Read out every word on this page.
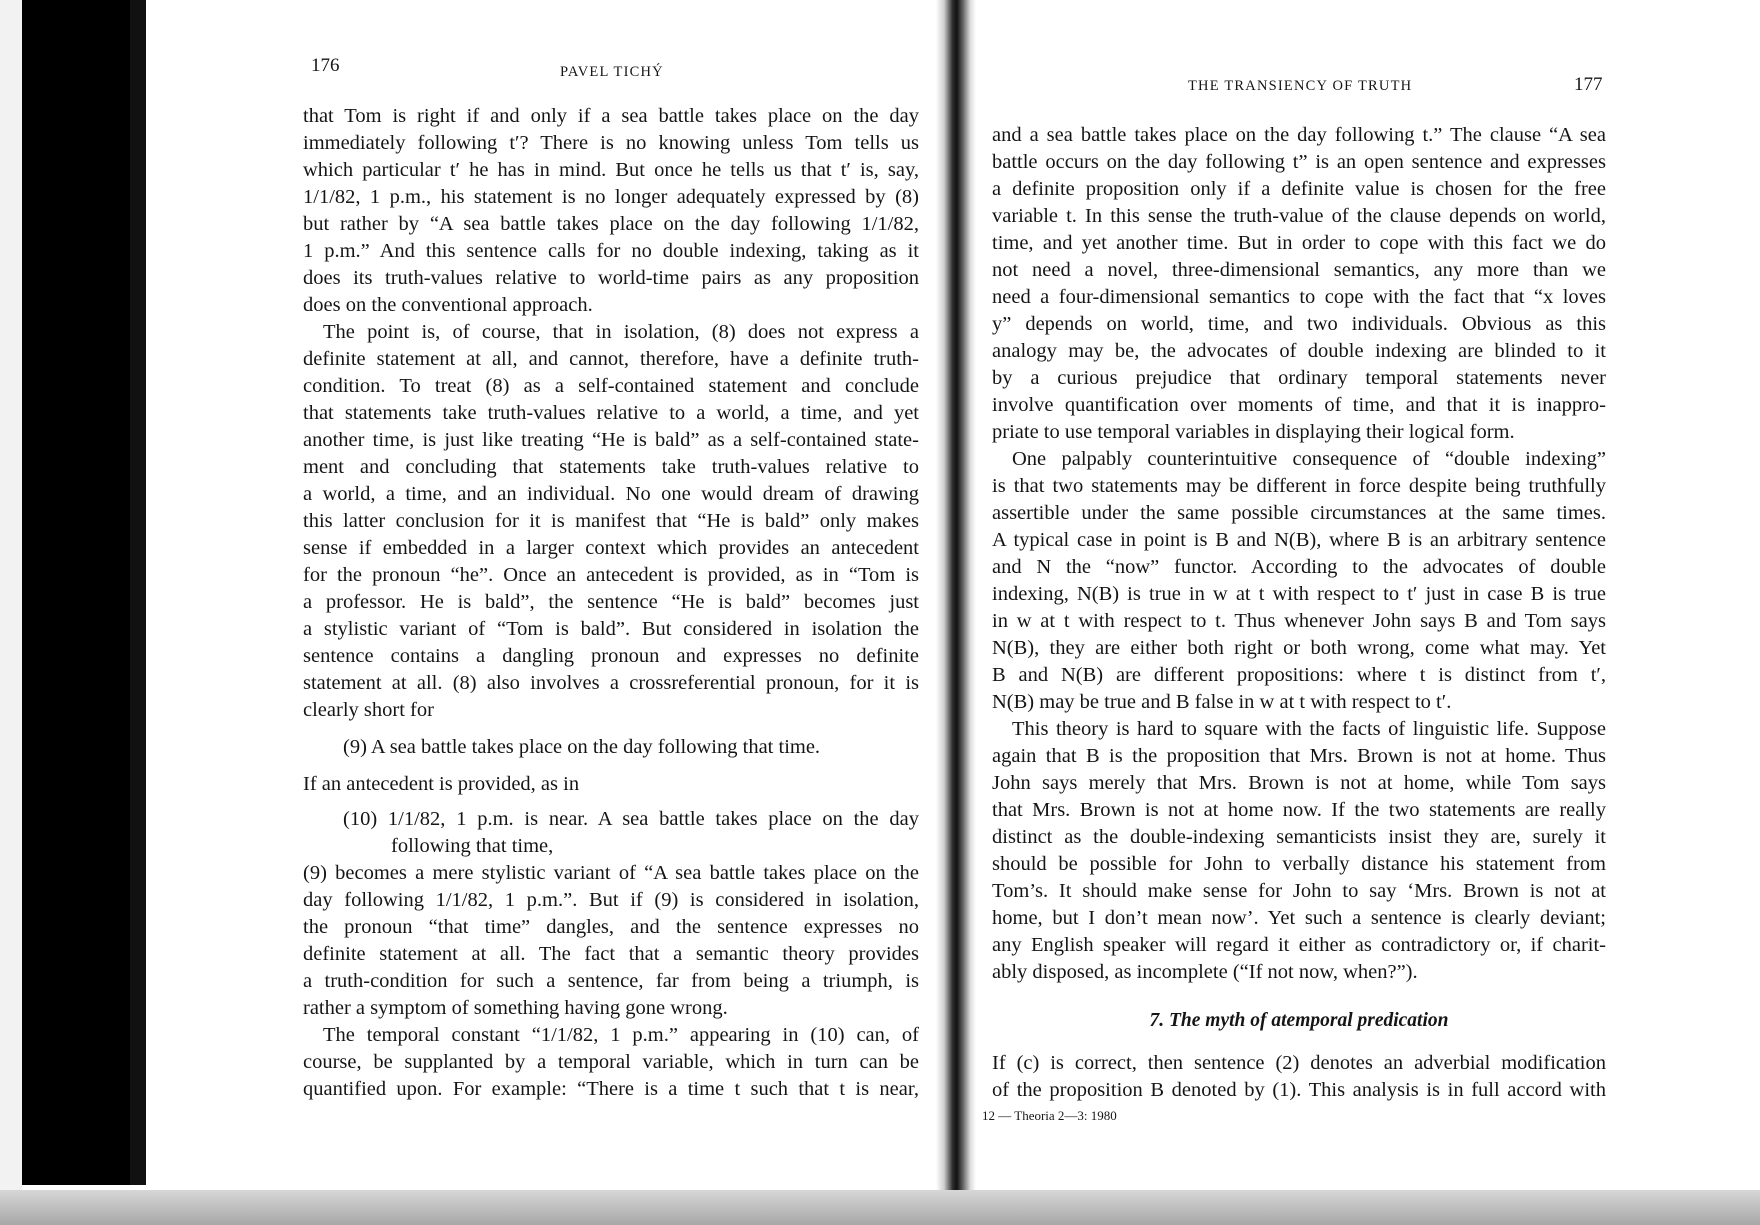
176	PAVEL TICHÝ
that Tom is right if and only if a sea battle takes place on the day
immediately following t′? There is no knowing unless Tom tells us
which particular t′ he has in mind. But once he tells us that t′ is, say,
1/1/82, 1 p.m., his statement is no longer adequately expressed by (8)
but rather by “A sea battle takes place on the day following 1/1/82,
1 p.m.” And this sentence calls for no double indexing, taking as it
does its truth-values relative to world-time pairs as any proposition
does on the conventional approach.
The point is, of course, that in isolation, (8) does not express a
definite statement at all, and cannot, therefore, have a definite truth-
condition. To treat (8) as a self-contained statement and conclude
that statements take truth-values relative to a world, a time, and yet
another time, is just like treating “He is bald” as a self-contained state-
ment and concluding that statements take truth-values relative to
a world, a time, and an individual. No one would dream of drawing
this latter conclusion for it is manifest that “He is bald” only makes
sense if embedded in a larger context which provides an antecedent
for the pronoun “he”. Once an antecedent is provided, as in “Tom is
a professor. He is bald”, the sentence “He is bald” becomes just
a stylistic variant of “Tom is bald”. But considered in isolation the
sentence contains a dangling pronoun and expresses no definite
statement at all. (8) also involves a crossreferential pronoun, for it is
clearly short for
(9) A sea battle takes place on the day following that time.
If an antecedent is provided, as in
(10) 1/1/82, 1 p.m. is near. A sea battle takes place on the day
following that time,
(9) becomes a mere stylistic variant of “A sea battle takes place on the
day following 1/1/82, 1 p.m.”. But if (9) is considered in isolation,
the pronoun “that time” dangles, and the sentence expresses no
definite statement at all. The fact that a semantic theory provides
a truth-condition for such a sentence, far from being a triumph, is
rather a symptom of something having gone wrong.
The temporal constant “1/1/82, 1 p.m.” appearing in (10) can, of
course, be supplanted by a temporal variable, which in turn can be
quantified upon. For example: “There is a time t such that t is near,
THE TRANSIENCY OF TRUTH	177
and a sea battle takes place on the day following t.” The clause “A sea
battle occurs on the day following t” is an open sentence and expresses
a definite proposition only if a definite value is chosen for the free
variable t. In this sense the truth-value of the clause depends on world,
time, and yet another time. But in order to cope with this fact we do
not need a novel, three-dimensional semantics, any more than we
need a four-dimensional semantics to cope with the fact that “x loves
y” depends on world, time, and two individuals. Obvious as this
analogy may be, the advocates of double indexing are blinded to it
by a curious prejudice that ordinary temporal statements never
involve quantification over moments of time, and that it is inappro-
priate to use temporal variables in displaying their logical form.
One palpably counterintuitive consequence of “double indexing”
is that two statements may be different in force despite being truthfully
assertible under the same possible circumstances at the same times.
A typical case in point is B and N(B), where B is an arbitrary sentence
and N the “now” functor. According to the advocates of double
indexing, N(B) is true in w at t with respect to t′ just in case B is true
in w at t with respect to t. Thus whenever John says B and Tom says
N(B), they are either both right or both wrong, come what may. Yet
B and N(B) are different propositions: where t is distinct from t′,
N(B) may be true and B false in w at t with respect to t′.
This theory is hard to square with the facts of linguistic life. Suppose
again that B is the proposition that Mrs. Brown is not at home. Thus
John says merely that Mrs. Brown is not at home, while Tom says
that Mrs. Brown is not at home now. If the two statements are really
distinct as the double-indexing semanticists insist they are, surely it
should be possible for John to verbally distance his statement from
Tom’s. It should make sense for John to say ‘Mrs. Brown is not at
home, but I don’t mean now’. Yet such a sentence is clearly deviant;
any English speaker will regard it either as contradictory or, if charit-
ably disposed, as incomplete (“If not now, when?”).
7. The myth of atemporal predication
If (c) is correct, then sentence (2) denotes an adverbial modification
of the proposition B denoted by (1). This analysis is in full accord with
12 — Theoria 2—3: 1980
